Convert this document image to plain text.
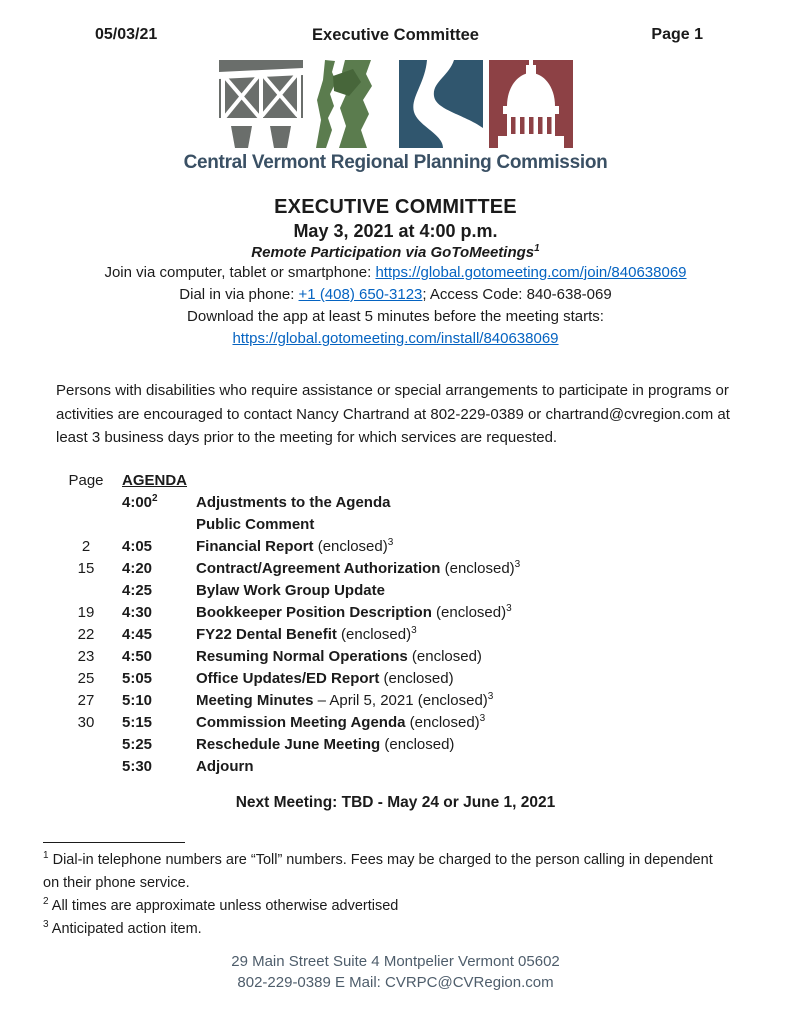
05/03/21	Executive Committee	Page 1
Central Vermont Regional Planning Commission
EXECUTIVE COMMITTEE
May 3, 2021 at 4:00 p.m.
Remote Participation via GoToMeetings$^1$
Join via computer, tablet or smartphone: https://global.gotomeeting.com/join/840638069
Dial in via phone: +1 (408) 650-3123; Access Code: 840-638-069
Download the app at least 5 minutes before the meeting starts:
https://global.gotomeeting.com/install/840638069

Persons with disabilities who require assistance or special arrangements to participate in programs or activities are encouraged to contact Nancy Chartrand at 802-229-0389 or chartrand@cvregion.com at least 3 business days prior to the meeting for which services are requested.

Page AGENDA
$4:00^2$	Adjustments to the Agenda
Public Comment
2	4:05	Financial Report (enclosed)$^3$
15	4:20	Contract/Agreement Authorization (enclosed)$^3$
4:25	Bylaw Work Group Update
19	4:30	Bookkeeper Position Description (enclosed)$^3$
22	4:45	FY22 Dental Benefit (enclosed)$^3$
23	4:50	Resuming Normal Operations (enclosed)
25	5:05	Office Updates/ED Report (enclosed)
27	5:10	Meeting Minutes – April 5, 2021 (enclosed)$^3$
30	5:15	Commission Meeting Agenda (enclosed)$^3$
5:25	Reschedule June Meeting (enclosed)
5:30	Adjourn
Next Meeting: TBD - May 24 or June 1, 2021
$^1$ Dial-in telephone numbers are “Toll” numbers. Fees may be charged to the person calling in dependent on their phone service.
$^2$ All times are approximate unless otherwise advertised
$^3$ Anticipated action item.
29 Main Street Suite 4 Montpelier Vermont 05602
802-229-0389 E Mail: CVRPC@CVRegion.com
